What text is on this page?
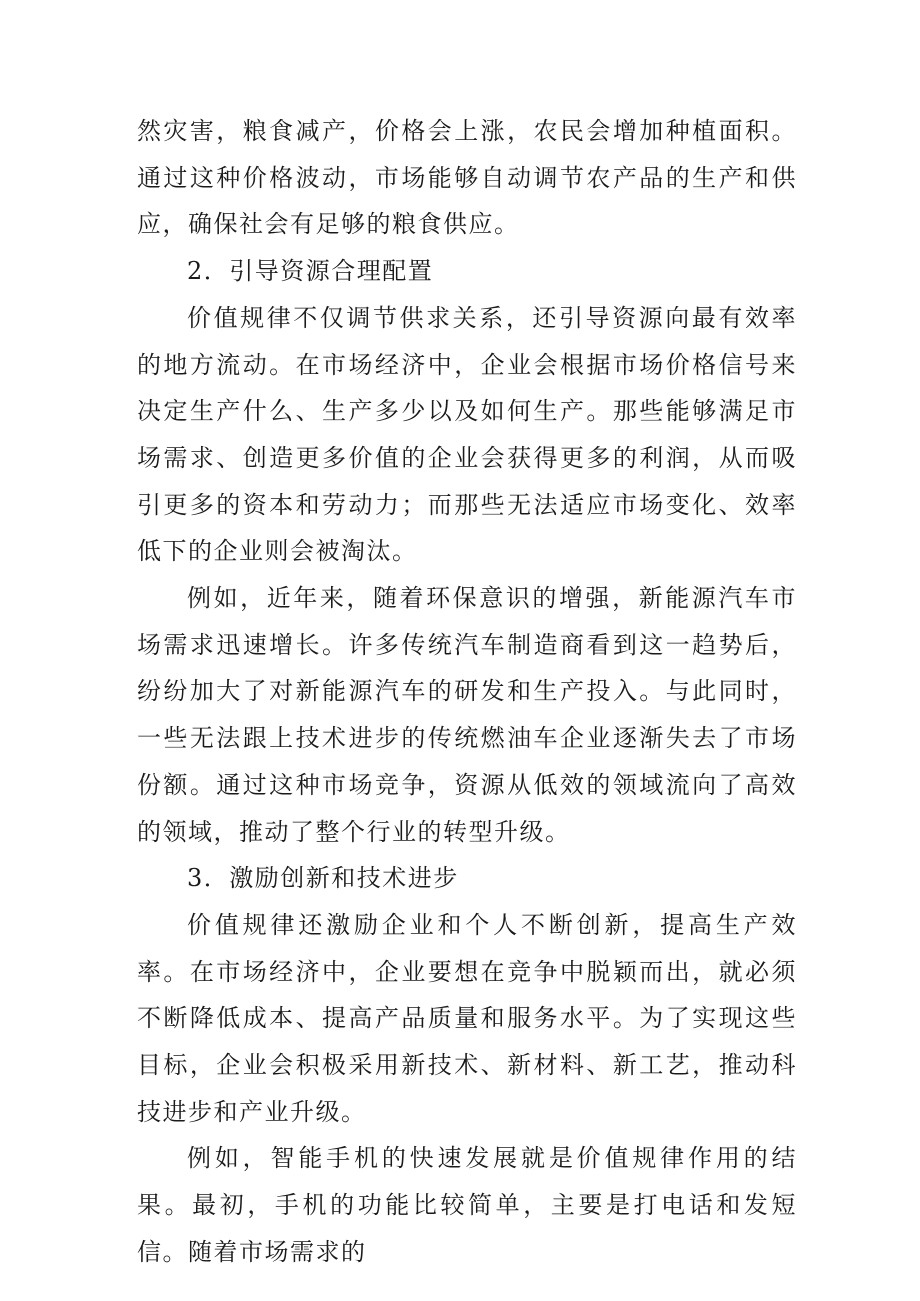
然灾害，粮食减产，价格会上涨，农民会增加种植面积。通过这种价格波动，市场能够自动调节农产品的生产和供应，确保社会有足够的粮食供应。

2．引导资源合理配置

价值规律不仅调节供求关系，还引导资源向最有效率的地方流动。在市场经济中，企业会根据市场价格信号来决定生产什么、生产多少以及如何生产。那些能够满足市场需求、创造更多价值的企业会获得更多的利润，从而吸引更多的资本和劳动力；而那些无法适应市场变化、效率低下的企业则会被淘汰。

例如，近年来，随着环保意识的增强，新能源汽车市场需求迅速增长。许多传统汽车制造商看到这一趋势后，纷纷加大了对新能源汽车的研发和生产投入。与此同时，一些无法跟上技术进步的传统燃油车企业逐渐失去了市场份额。通过这种市场竞争，资源从低效的领域流向了高效的领域，推动了整个行业的转型升级。

3．激励创新和技术进步

价值规律还激励企业和个人不断创新，提高生产效率。在市场经济中，企业要想在竞争中脱颖而出，就必须不断降低成本、提高产品质量和服务水平。为了实现这些目标，企业会积极采用新技术、新材料、新工艺，推动科技进步和产业升级。

例如，智能手机的快速发展就是价值规律作用的结果。最初，手机的功能比较简单，主要是打电话和发短信。随着市场需求的
